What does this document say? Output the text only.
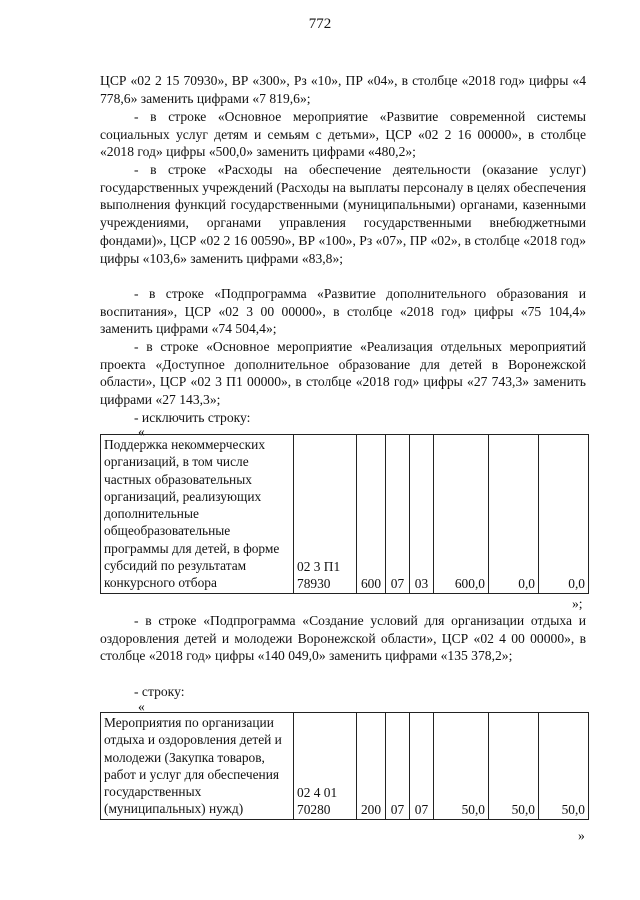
772

ЦСР «02 2 15 70930», ВР «300», Рз «10», ПР «04», в столбце «2018 год» цифры «4 778,6» заменить цифрами «7 819,6»;

- в строке «Основное мероприятие «Развитие современной системы социальных услуг детям и семьям с детьми», ЦСР «02 2 16 00000», в столбце «2018 год» цифры «500,0» заменить цифрами «480,2»;

- в строке «Расходы на обеспечение деятельности (оказание услуг) государственных учреждений (Расходы на выплаты персоналу в целях обеспечения выполнения функций государственными (муниципальными) органами, казенными учреждениями, органами управления государственными внебюджетными фондами)», ЦСР «02 2 16 00590», ВР «100», Рз «07», ПР «02», в столбце «2018 год» цифры «103,6» заменить цифрами «83,8»;

- в строке «Подпрограмма «Развитие дополнительного образования и воспитания», ЦСР «02 3 00 00000», в столбце «2018 год» цифры «75 104,4» заменить цифрами «74 504,4»;

- в строке «Основное мероприятие «Реализация отдельных мероприятий проекта «Доступное дополнительное образование для детей в Воронежской области», ЦСР «02 3 П1 00000», в столбце «2018 год» цифры «27 743,3» заменить цифрами «27 143,3»;

- исключить строку:

«
Поддержка некоммерческих организаций, в том числе частных образовательных организаций, реализующих дополнительные общеобразовательные программы для детей, в форме субсидий по результатам конкурсного отбора	02 3 П1 78930	600	07	03	600,0	0,0	0,0
»;

- в строке «Подпрограмма «Создание условий для организации отдыха и оздоровления детей и молодежи Воронежской области», ЦСР «02 4 00 00000», в столбце «2018 год» цифры «140 049,0» заменить цифрами «135 378,2»;

- строку:

«
Мероприятия по организации отдыха и оздоровления детей и молодежи (Закупка товаров, работ и услуг для обеспечения государственных (муниципальных) нужд)	02 4 01 70280	200	07	07	50,0	50,0	50,0
»
